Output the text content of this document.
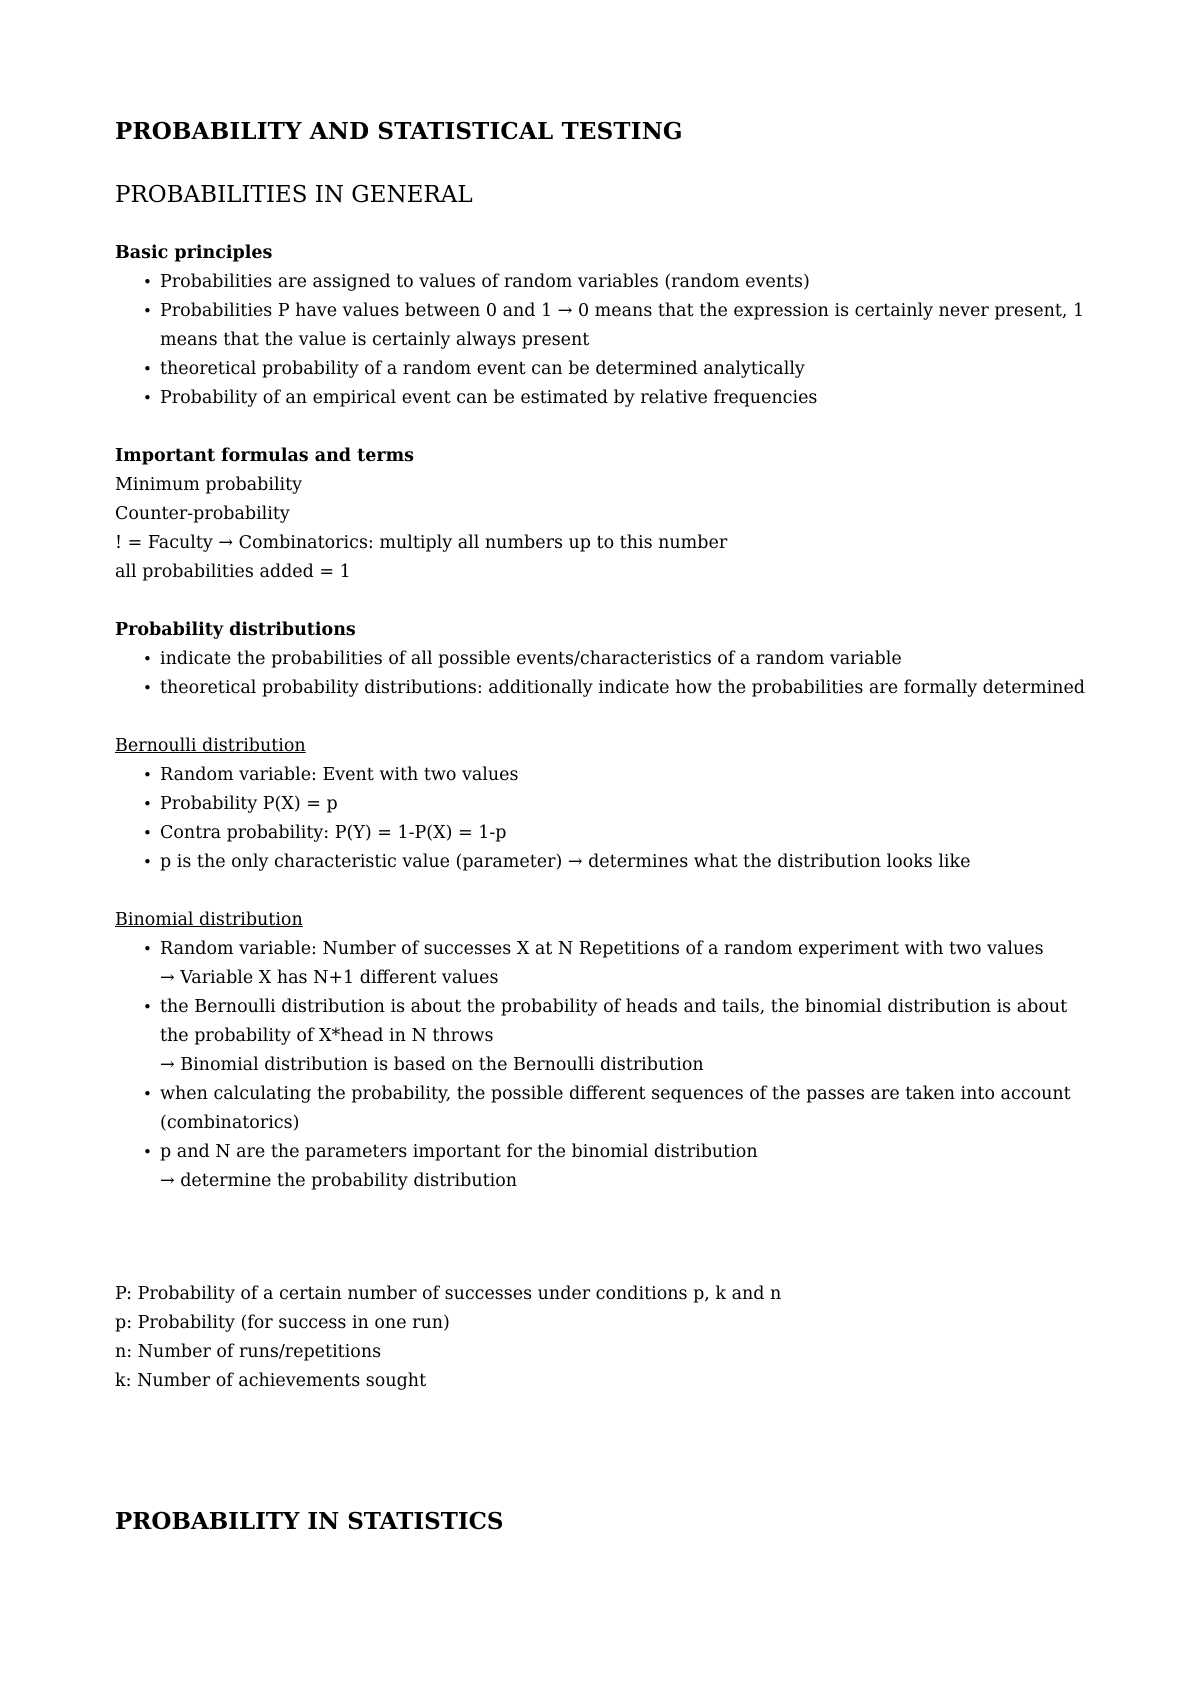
PROBABILITY AND STATISTICAL TESTING
PROBABILITIES IN GENERAL

Basic principles

• Probabilities are assigned to values of random variables (random events)
• Probabilities P have values between 0 and 1 → 0 means that the expression is certainly never present, 1 means that the value is certainly always present
• theoretical probability of a random event can be determined analytically
• Probability of an empirical event can be estimated by relative frequencies

Important formulas and terms

Minimum probability

Counter-probability

! = Faculty → Combinatorics: multiply all numbers up to this number

all probabilities added = 1

Probability distributions

• indicate the probabilities of all possible events/characteristics of a random variable
• theoretical probability distributions: additionally indicate how the probabilities are formally determined

Bernoulli distribution

• Random variable: Event with two values
• Probability P(X) = p
• Contra probability: P(Y) = 1-P(X) = 1-p
• p is the only characteristic value (parameter) → determines what the distribution looks like

Binomial distribution

• Random variable: Number of successes X at N Repetitions of a random experiment with two values
→ Variable X has N+1 different values
• the Bernoulli distribution is about the probability of heads and tails, the binomial distribution is about the probability of X*head in N throws
→ Binomial distribution is based on the Bernoulli distribution
• when calculating the probability, the possible different sequences of the passes are taken into account (combinatorics)
• p and N are the parameters important for the binomial distribution
→ determine the probability distribution

P: Probability of a certain number of successes under conditions p, k and n

p: Probability (for success in one run)

n: Number of runs/repetitions

k: Number of achievements sought

PROBABILITY IN STATISTICS
